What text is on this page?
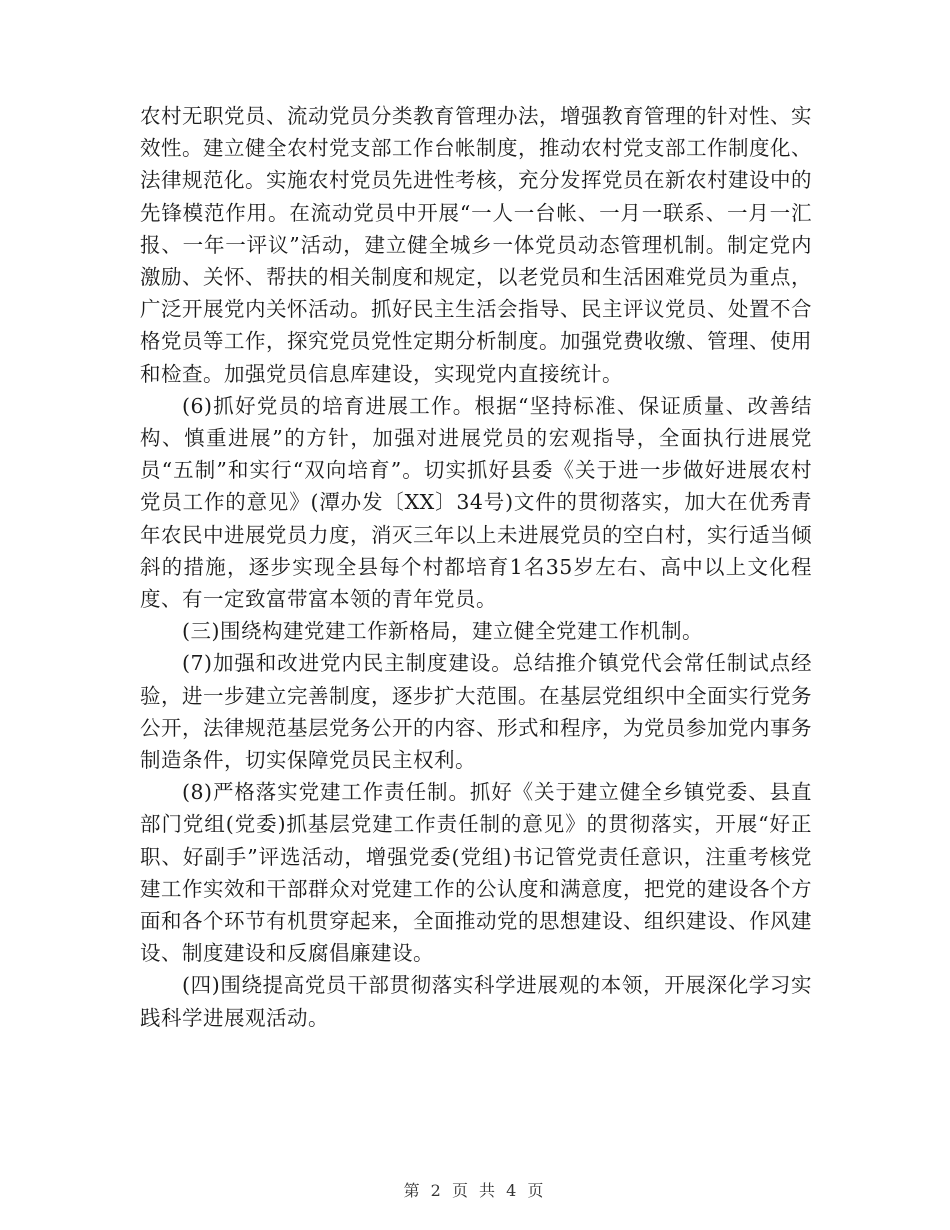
农村无职党员、流动党员分类教育管理办法，增强教育管理的针对性、实效性。建立健全农村党支部工作台帐制度，推动农村党支部工作制度化、法律规范化。实施农村党员先进性考核，充分发挥党员在新农村建设中的先锋模范作用。在流动党员中开展“一人一台帐、一月一联系、一月一汇报、一年一评议”活动，建立健全城乡一体党员动态管理机制。制定党内激励、关怀、帮扶的相关制度和规定，以老党员和生活困难党员为重点，广泛开展党内关怀活动。抓好民主生活会指导、民主评议党员、处置不合格党员等工作，探究党员党性定期分析制度。加强党费收缴、管理、使用和检查。加强党员信息库建设，实现党内直接统计。

(6)抓好党员的培育进展工作。根据“坚持标准、保证质量、改善结构、慎重进展”的方针，加强对进展党员的宏观指导，全面执行进展党员“五制”和实行“双向培育”。切实抓好县委《关于进一步做好进展农村党员工作的意见》(潭办发〔XX〕34号)文件的贯彻落实，加大在优秀青年农民中进展党员力度，消灭三年以上未进展党员的空白村，实行适当倾斜的措施，逐步实现全县每个村都培育1名35岁左右、高中以上文化程度、有一定致富带富本领的青年党员。

(三)围绕构建党建工作新格局，建立健全党建工作机制。

(7)加强和改进党内民主制度建设。总结推介镇党代会常任制试点经验，进一步建立完善制度，逐步扩大范围。在基层党组织中全面实行党务公开，法律规范基层党务公开的内容、形式和程序，为党员参加党内事务制造条件，切实保障党员民主权利。

(8)严格落实党建工作责任制。抓好《关于建立健全乡镇党委、县直部门党组(党委)抓基层党建工作责任制的意见》的贯彻落实，开展“好正职、好副手”评选活动，增强党委(党组)书记管党责任意识，注重考核党建工作实效和干部群众对党建工作的公认度和满意度，把党的建设各个方面和各个环节有机贯穿起来，全面推动党的思想建设、组织建设、作风建设、制度建设和反腐倡廉建设。

(四)围绕提高党员干部贯彻落实科学进展观的本领，开展深化学习实践科学进展观活动。

第 2 页 共 4 页
